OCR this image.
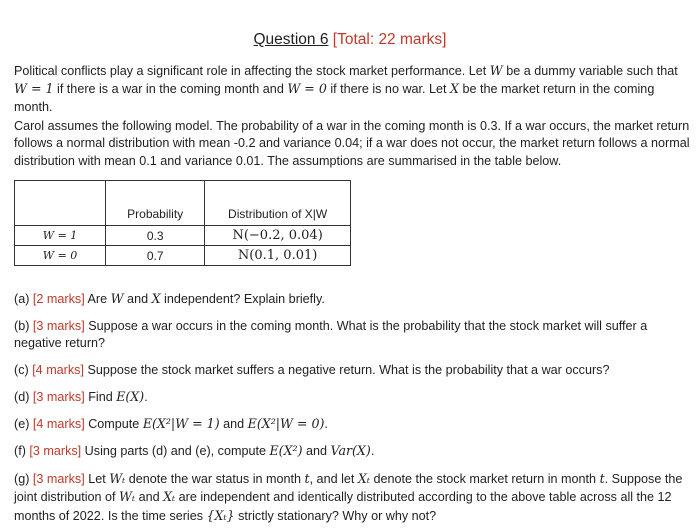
Question 6 [Total: 22 marks]
Political conflicts play a significant role in affecting the stock market performance. Let W be a dummy variable such that W = 1 if there is a war in the coming month and W = 0 if there is no war. Let X be the market return in the coming month.
Carol assumes the following model. The probability of a war in the coming month is 0.3. If a war occurs, the market return follows a normal distribution with mean -0.2 and variance 0.04; if a war does not occur, the market return follows a normal distribution with mean 0.1 and variance 0.01. The assumptions are summarised in the table below.
	Probability	Distribution of X|W
W = 1	0.3	N(−0.2, 0.04)
W = 0	0.7	N(0.1, 0.01)
(a) [2 marks] Are W and X independent? Explain briefly.
(b) [3 marks] Suppose a war occurs in the coming month. What is the probability that the stock market will suffer a negative return?
(c) [4 marks] Suppose the stock market suffers a negative return. What is the probability that a war occurs?
(d) [3 marks] Find E(X).
(e) [4 marks] Compute E(X²|W = 1) and E(X²|W = 0).
(f) [3 marks] Using parts (d) and (e), compute E(X²) and Var(X).
(g) [3 marks] Let Wₜ denote the war status in month t, and let Xₜ denote the stock market return in month t. Suppose the joint distribution of Wₜ and Xₜ are independent and identically distributed according to the above table across all the 12 months of 2022. Is the time series {Xₜ} strictly stationary? Why or why not?
